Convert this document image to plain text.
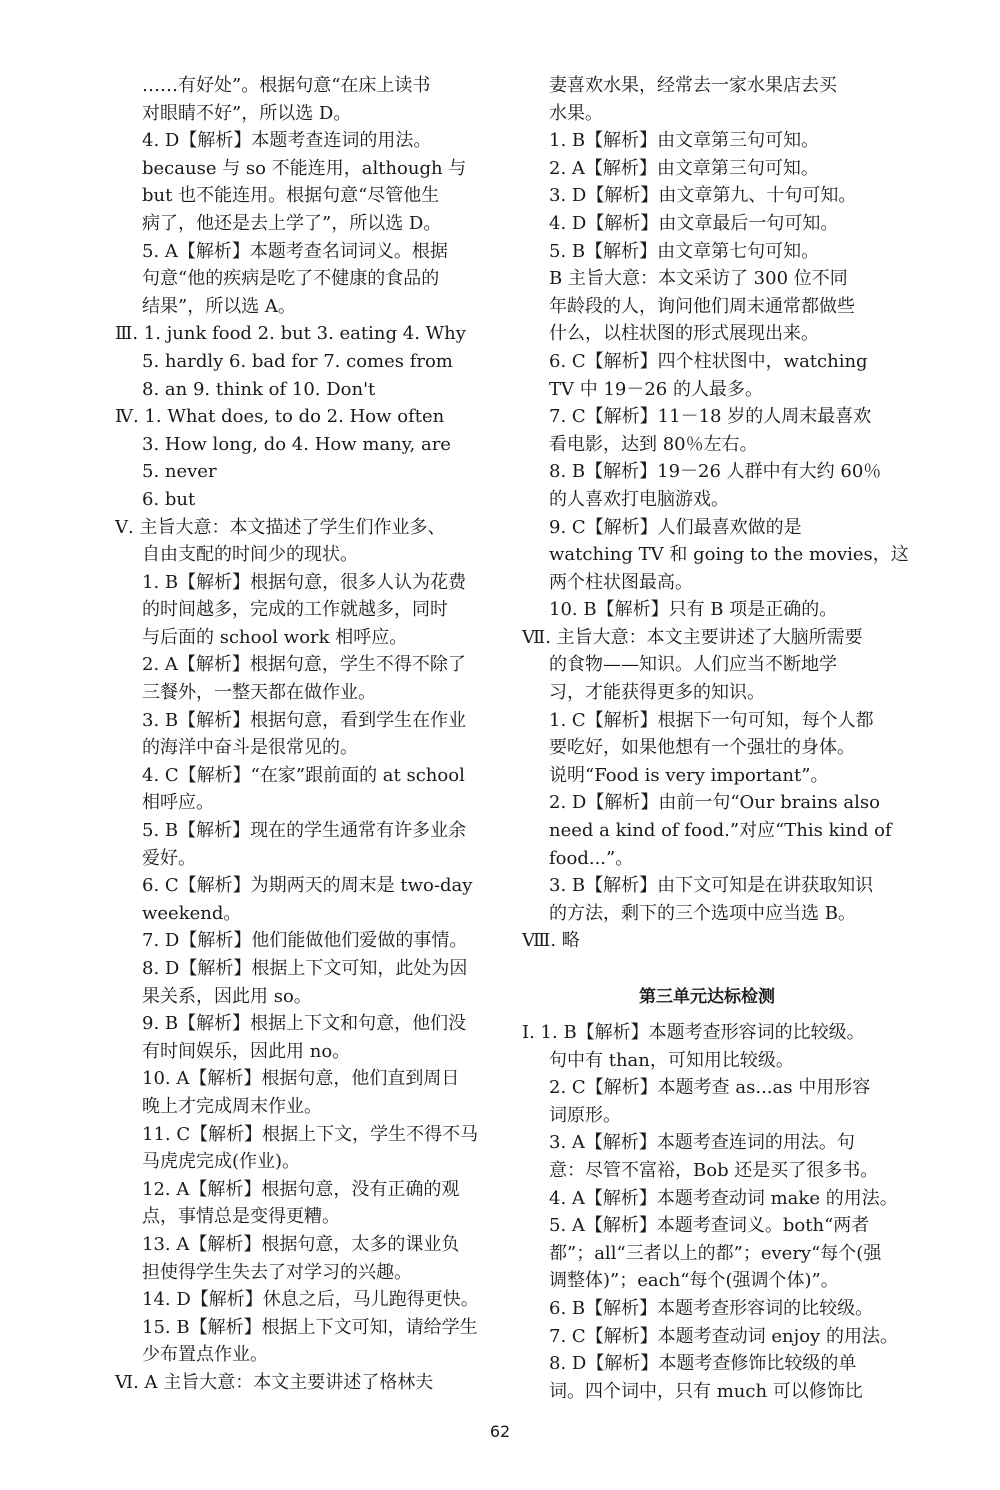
……有好处”。根据句意“在床上读书
对眼睛不好”，所以选 D。
4. D【解析】本题考查连词的用法。
because 与 so 不能连用，although 与
but 也不能连用。根据句意“尽管他生
病了，他还是去上学了”，所以选 D。
5. A【解析】本题考查名词词义。根据
句意“他的疾病是吃了不健康的食品的
结果”，所以选 A。
Ⅲ. 1. junk food 2. but 3. eating 4. Why
5. hardly 6. bad for 7. comes from
8. an 9. think of 10. Don't
Ⅳ. 1. What does, to do 2. How often
3. How long, do 4. How many, are
5. never
6. but
Ⅴ. 主旨大意：本文描述了学生们作业多、
自由支配的时间少的现状。
1. B【解析】根据句意，很多人认为花费
的时间越多，完成的工作就越多，同时
与后面的 school work 相呼应。
2. A【解析】根据句意，学生不得不除了
三餐外，一整天都在做作业。
3. B【解析】根据句意，看到学生在作业
的海洋中奋斗是很常见的。
4. C【解析】“在家”跟前面的 at school
相呼应。
5. B【解析】现在的学生通常有许多业余
爱好。
6. C【解析】为期两天的周末是 two-day
weekend。
7. D【解析】他们能做他们爱做的事情。
8. D【解析】根据上下文可知，此处为因
果关系，因此用 so。
9. B【解析】根据上下文和句意，他们没
有时间娱乐，因此用 no。
10. A【解析】根据句意，他们直到周日
晚上才完成周末作业。
11. C【解析】根据上下文，学生不得不马
马虎虎完成(作业)。
12. A【解析】根据句意，没有正确的观
点，事情总是变得更糟。
13. A【解析】根据句意，太多的课业负
担使得学生失去了对学习的兴趣。
14. D【解析】休息之后，马儿跑得更快。
15. B【解析】根据上下文可知，请给学生
少布置点作业。
Ⅵ. A 主旨大意：本文主要讲述了格林夫
妻喜欢水果，经常去一家水果店去买
水果。
1. B【解析】由文章第三句可知。
2. A【解析】由文章第三句可知。
3. D【解析】由文章第九、十句可知。
4. D【解析】由文章最后一句可知。
5. B【解析】由文章第七句可知。
B 主旨大意：本文采访了 300 位不同
年龄段的人，询问他们周末通常都做些
什么，以柱状图的形式展现出来。
6. C【解析】四个柱状图中，watching
TV 中 19－26 的人最多。
7. C【解析】11－18 岁的人周末最喜欢
看电影，达到 80％左右。
8. B【解析】19－26 人群中有大约 60％
的人喜欢打电脑游戏。
9. C【解析】人们最喜欢做的是
watching TV 和 going to the movies，这
两个柱状图最高。
10. B【解析】只有 B 项是正确的。
Ⅶ. 主旨大意：本文主要讲述了大脑所需要
的食物——知识。人们应当不断地学
习，才能获得更多的知识。
1. C【解析】根据下一句可知，每个人都
要吃好，如果他想有一个强壮的身体。
说明“Food is very important”。
2. D【解析】由前一句“Our brains also
need a kind of food.”对应“This kind of
food...”。
3. B【解析】由下文可知是在讲获取知识
的方法，剩下的三个选项中应当选 B。
Ⅷ. 略
第三单元达标检测
Ⅰ. 1. B【解析】本题考查形容词的比较级。
句中有 than，可知用比较级。
2. C【解析】本题考查 as...as 中用形容
词原形。
3. A【解析】本题考查连词的用法。句
意：尽管不富裕，Bob 还是买了很多书。
4. A【解析】本题考查动词 make 的用法。
5. A【解析】本题考查词义。both“两者
都”；all“三者以上的都”；every“每个(强
调整体)”；each“每个(强调个体)”。
6. B【解析】本题考查形容词的比较级。
7. C【解析】本题考查动词 enjoy 的用法。
8. D【解析】本题考查修饰比较级的单
词。四个词中，只有 much 可以修饰比
62
